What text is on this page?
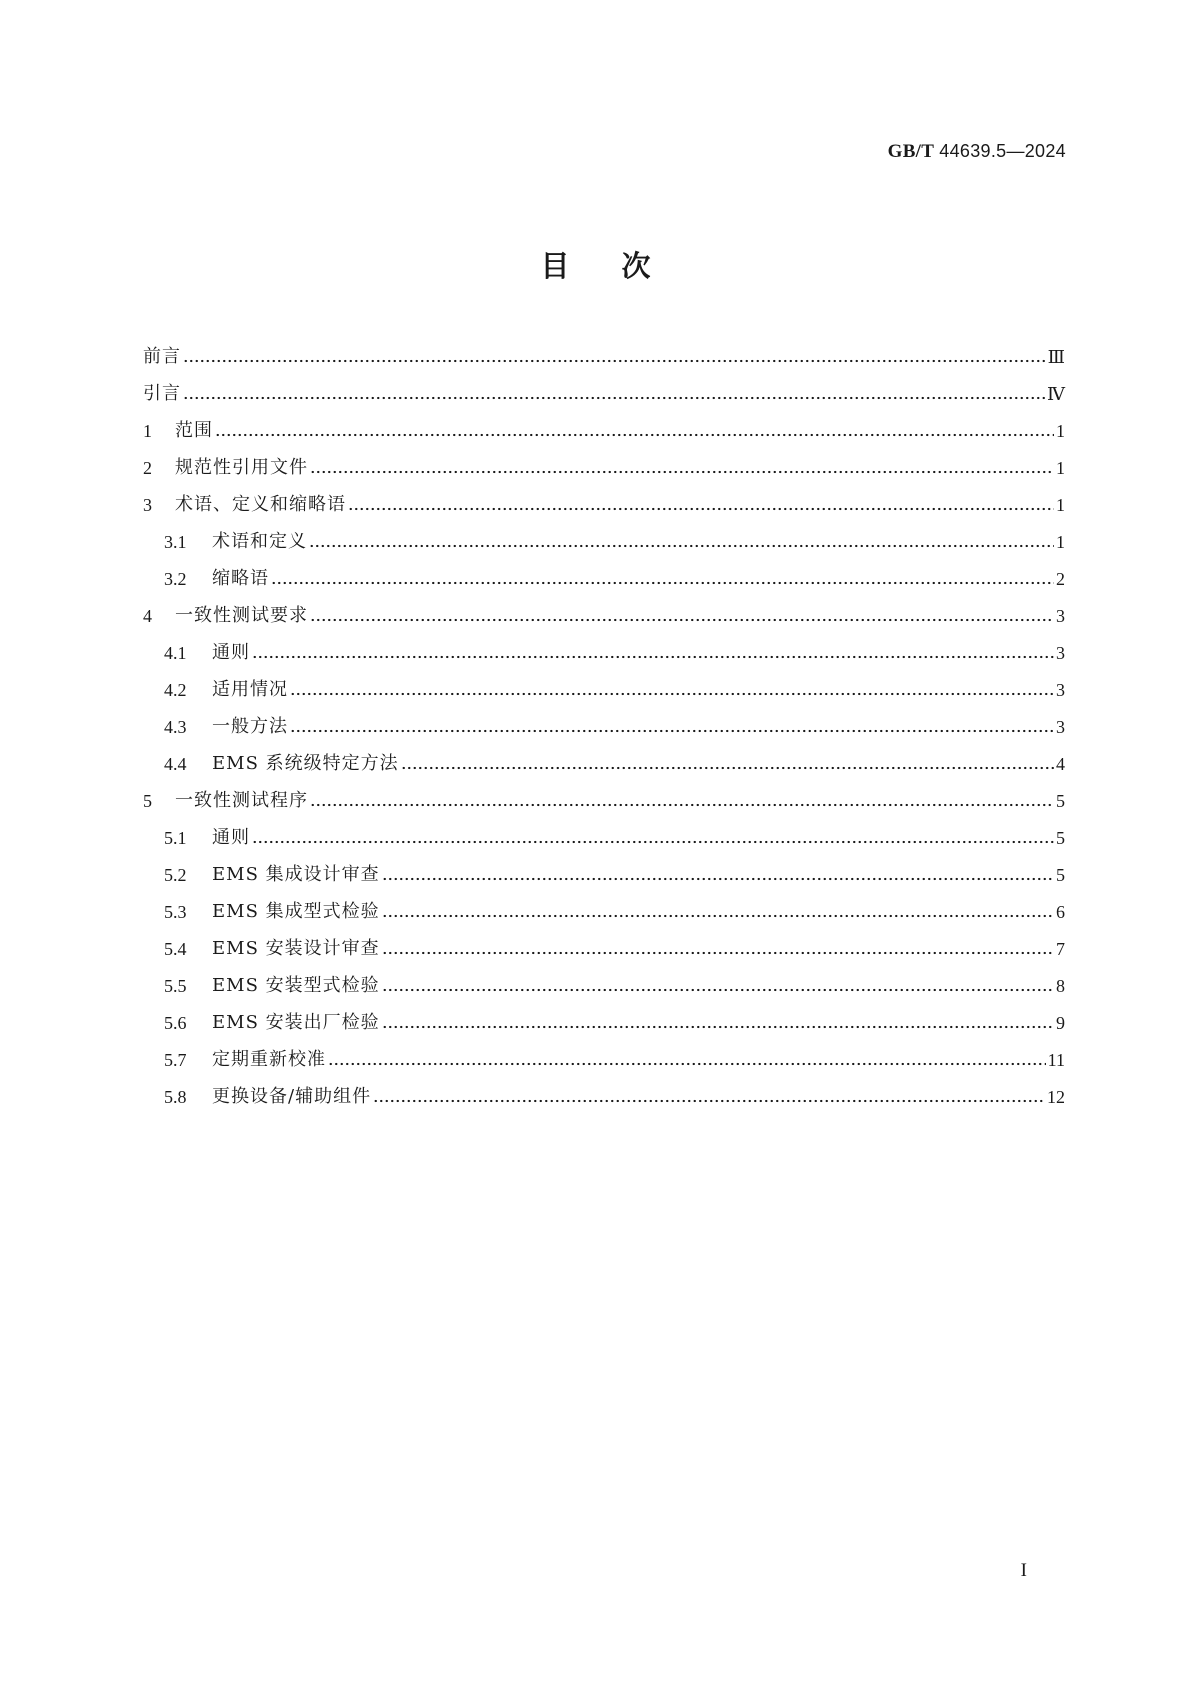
GB/T 44639.5—2024
目次
前言	Ⅲ
引言	Ⅳ
1	范围	1
2	规范性引用文件	1
3	术语、定义和缩略语	1
3.1	术语和定义	1
3.2	缩略语	2
4	一致性测试要求	3
4.1	通则	3
4.2	适用情况	3
4.3	一般方法	3
4.4	EMS 系统级特定方法	4
5	一致性测试程序	5
5.1	通则	5
5.2	EMS 集成设计审查	5
5.3	EMS 集成型式检验	6
5.4	EMS 安装设计审查	7
5.5	EMS 安装型式检验	8
5.6	EMS 安装出厂检验	9
5.7	定期重新校准	11
5.8	更换设备/辅助组件	12
I
